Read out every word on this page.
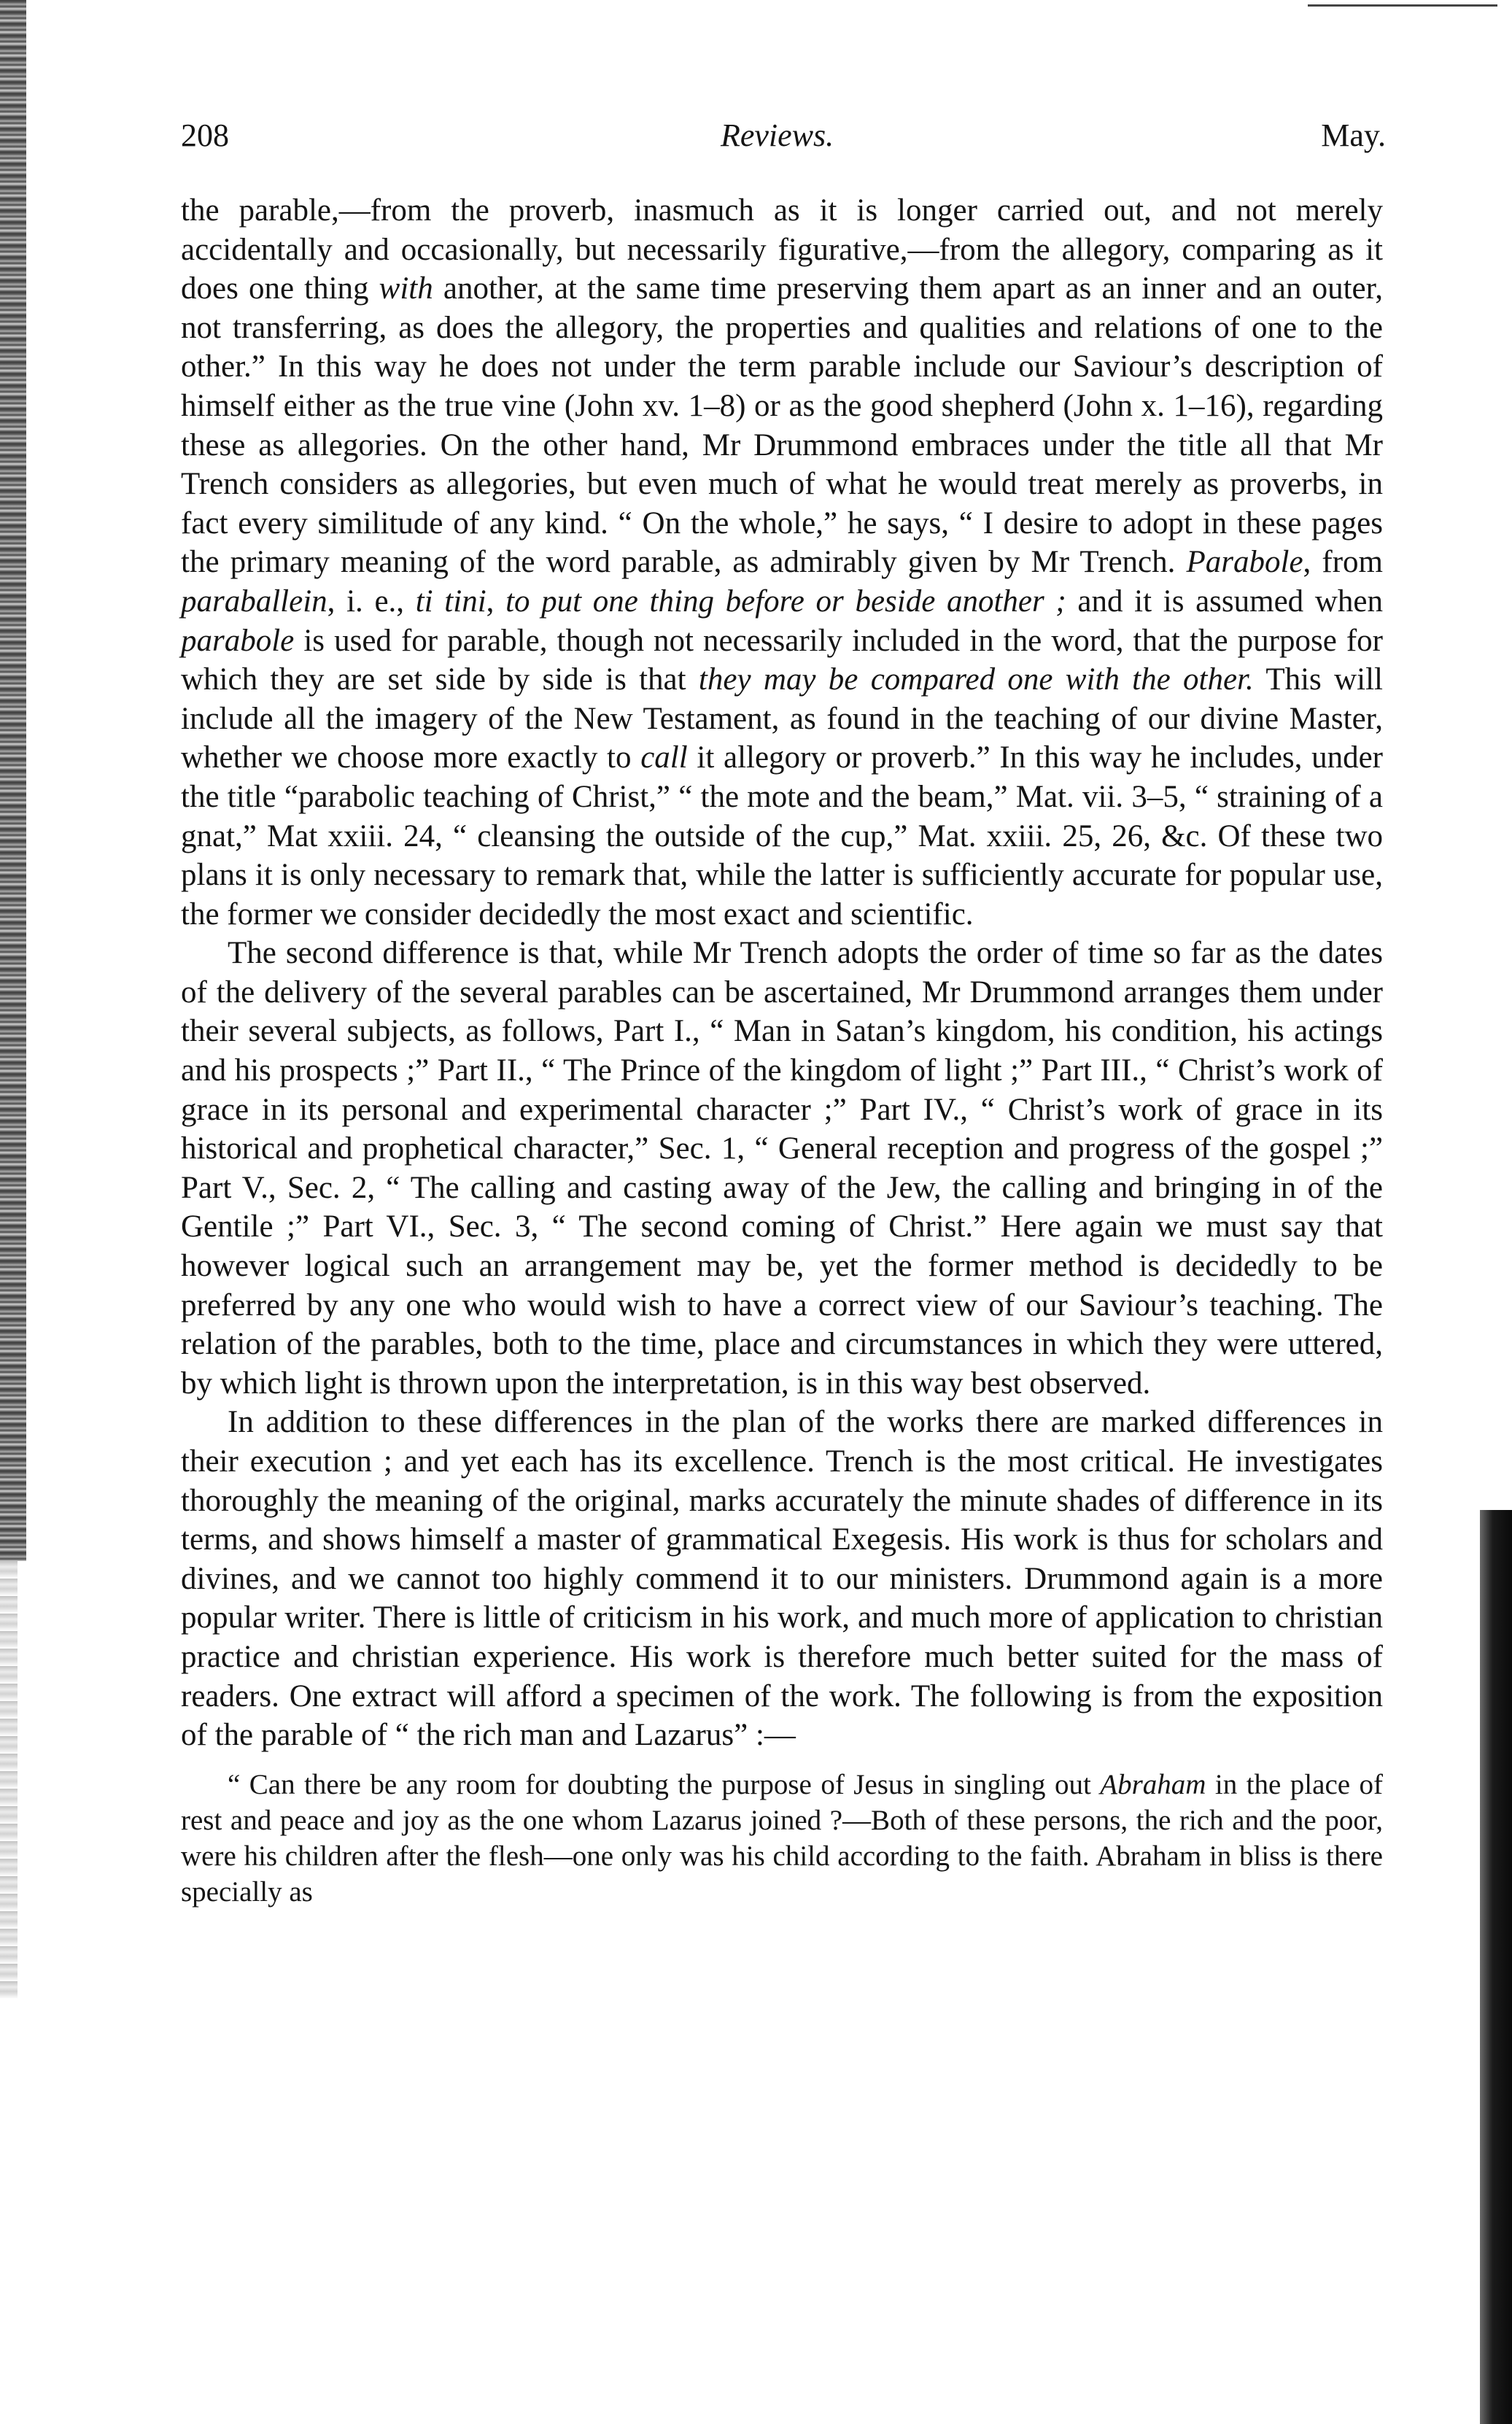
208	Reviews.	May.

the parable,—from the proverb, inasmuch as it is longer carried out, and not merely accidentally and occasionally, but necessarily figurative,—from the allegory, comparing as it does one thing with another, at the same time preserving them apart as an inner and an outer, not transferring, as does the allegory, the properties and qualities and relations of one to the other.” In this way he does not under the term parable include our Saviour’s description of himself either as the true vine (John xv. 1–8) or as the good shepherd (John x. 1–16), regarding these as allegories. On the other hand, Mr Drummond embraces under the title all that Mr Trench considers as allegories, but even much of what he would treat merely as proverbs, in fact every similitude of any kind. “ On the whole,” he says, “ I desire to adopt in these pages the primary meaning of the word parable, as admirably given by Mr Trench. Parabole, from paraballein, i. e., ti tini, to put one thing before or beside another ; and it is assumed when parabole is used for parable, though not necessarily included in the word, that the purpose for which they are set side by side is that they may be compared one with the other. This will include all the imagery of the New Testament, as found in the teaching of our divine Master, whether we choose more exactly to call it allegory or proverb.” In this way he includes, under the title “parabolic teaching of Christ,” “ the mote and the beam,” Mat. vii. 3–5, “ straining of a gnat,” Mat xxiii. 24, “ cleansing the outside of the cup,” Mat. xxiii. 25, 26, &c. Of these two plans it is only necessary to remark that, while the latter is sufficiently accurate for popular use, the former we consider decidedly the most exact and scientific.

The second difference is that, while Mr Trench adopts the order of time so far as the dates of the delivery of the several parables can be ascertained, Mr Drummond arranges them under their several subjects, as follows, Part I., “ Man in Satan’s kingdom, his condition, his actings and his prospects ;” Part II., “ The Prince of the kingdom of light ;” Part III., “ Christ’s work of grace in its personal and experimental character ;” Part IV., “ Christ’s work of grace in its historical and prophetical character,” Sec. 1, “ General reception and progress of the gospel ;” Part V., Sec. 2, “ The calling and casting away of the Jew, the calling and bringing in of the Gentile ;” Part VI., Sec. 3, “ The second coming of Christ.” Here again we must say that however logical such an arrangement may be, yet the former method is decidedly to be preferred by any one who would wish to have a correct view of our Saviour’s teaching. The relation of the parables, both to the time, place and circumstances in which they were uttered, by which light is thrown upon the interpretation, is in this way best observed.

In addition to these differences in the plan of the works there are marked differences in their execution ; and yet each has its excellence. Trench is the most critical. He investigates thoroughly the meaning of the original, marks accurately the minute shades of difference in its terms, and shows himself a master of grammatical Exegesis. His work is thus for scholars and divines, and we cannot too highly commend it to our ministers. Drummond again is a more popular writer. There is little of criticism in his work, and much more of application to christian practice and christian experience. His work is therefore much better suited for the mass of readers. One extract will afford a specimen of the work. The following is from the exposition of the parable of “ the rich man and Lazarus” :—

“ Can there be any room for doubting the purpose of Jesus in singling out Abraham in the place of rest and peace and joy as the one whom Lazarus joined ?—Both of these persons, the rich and the poor, were his children after the flesh—one only was his child according to the faith. Abraham in bliss is there specially as
